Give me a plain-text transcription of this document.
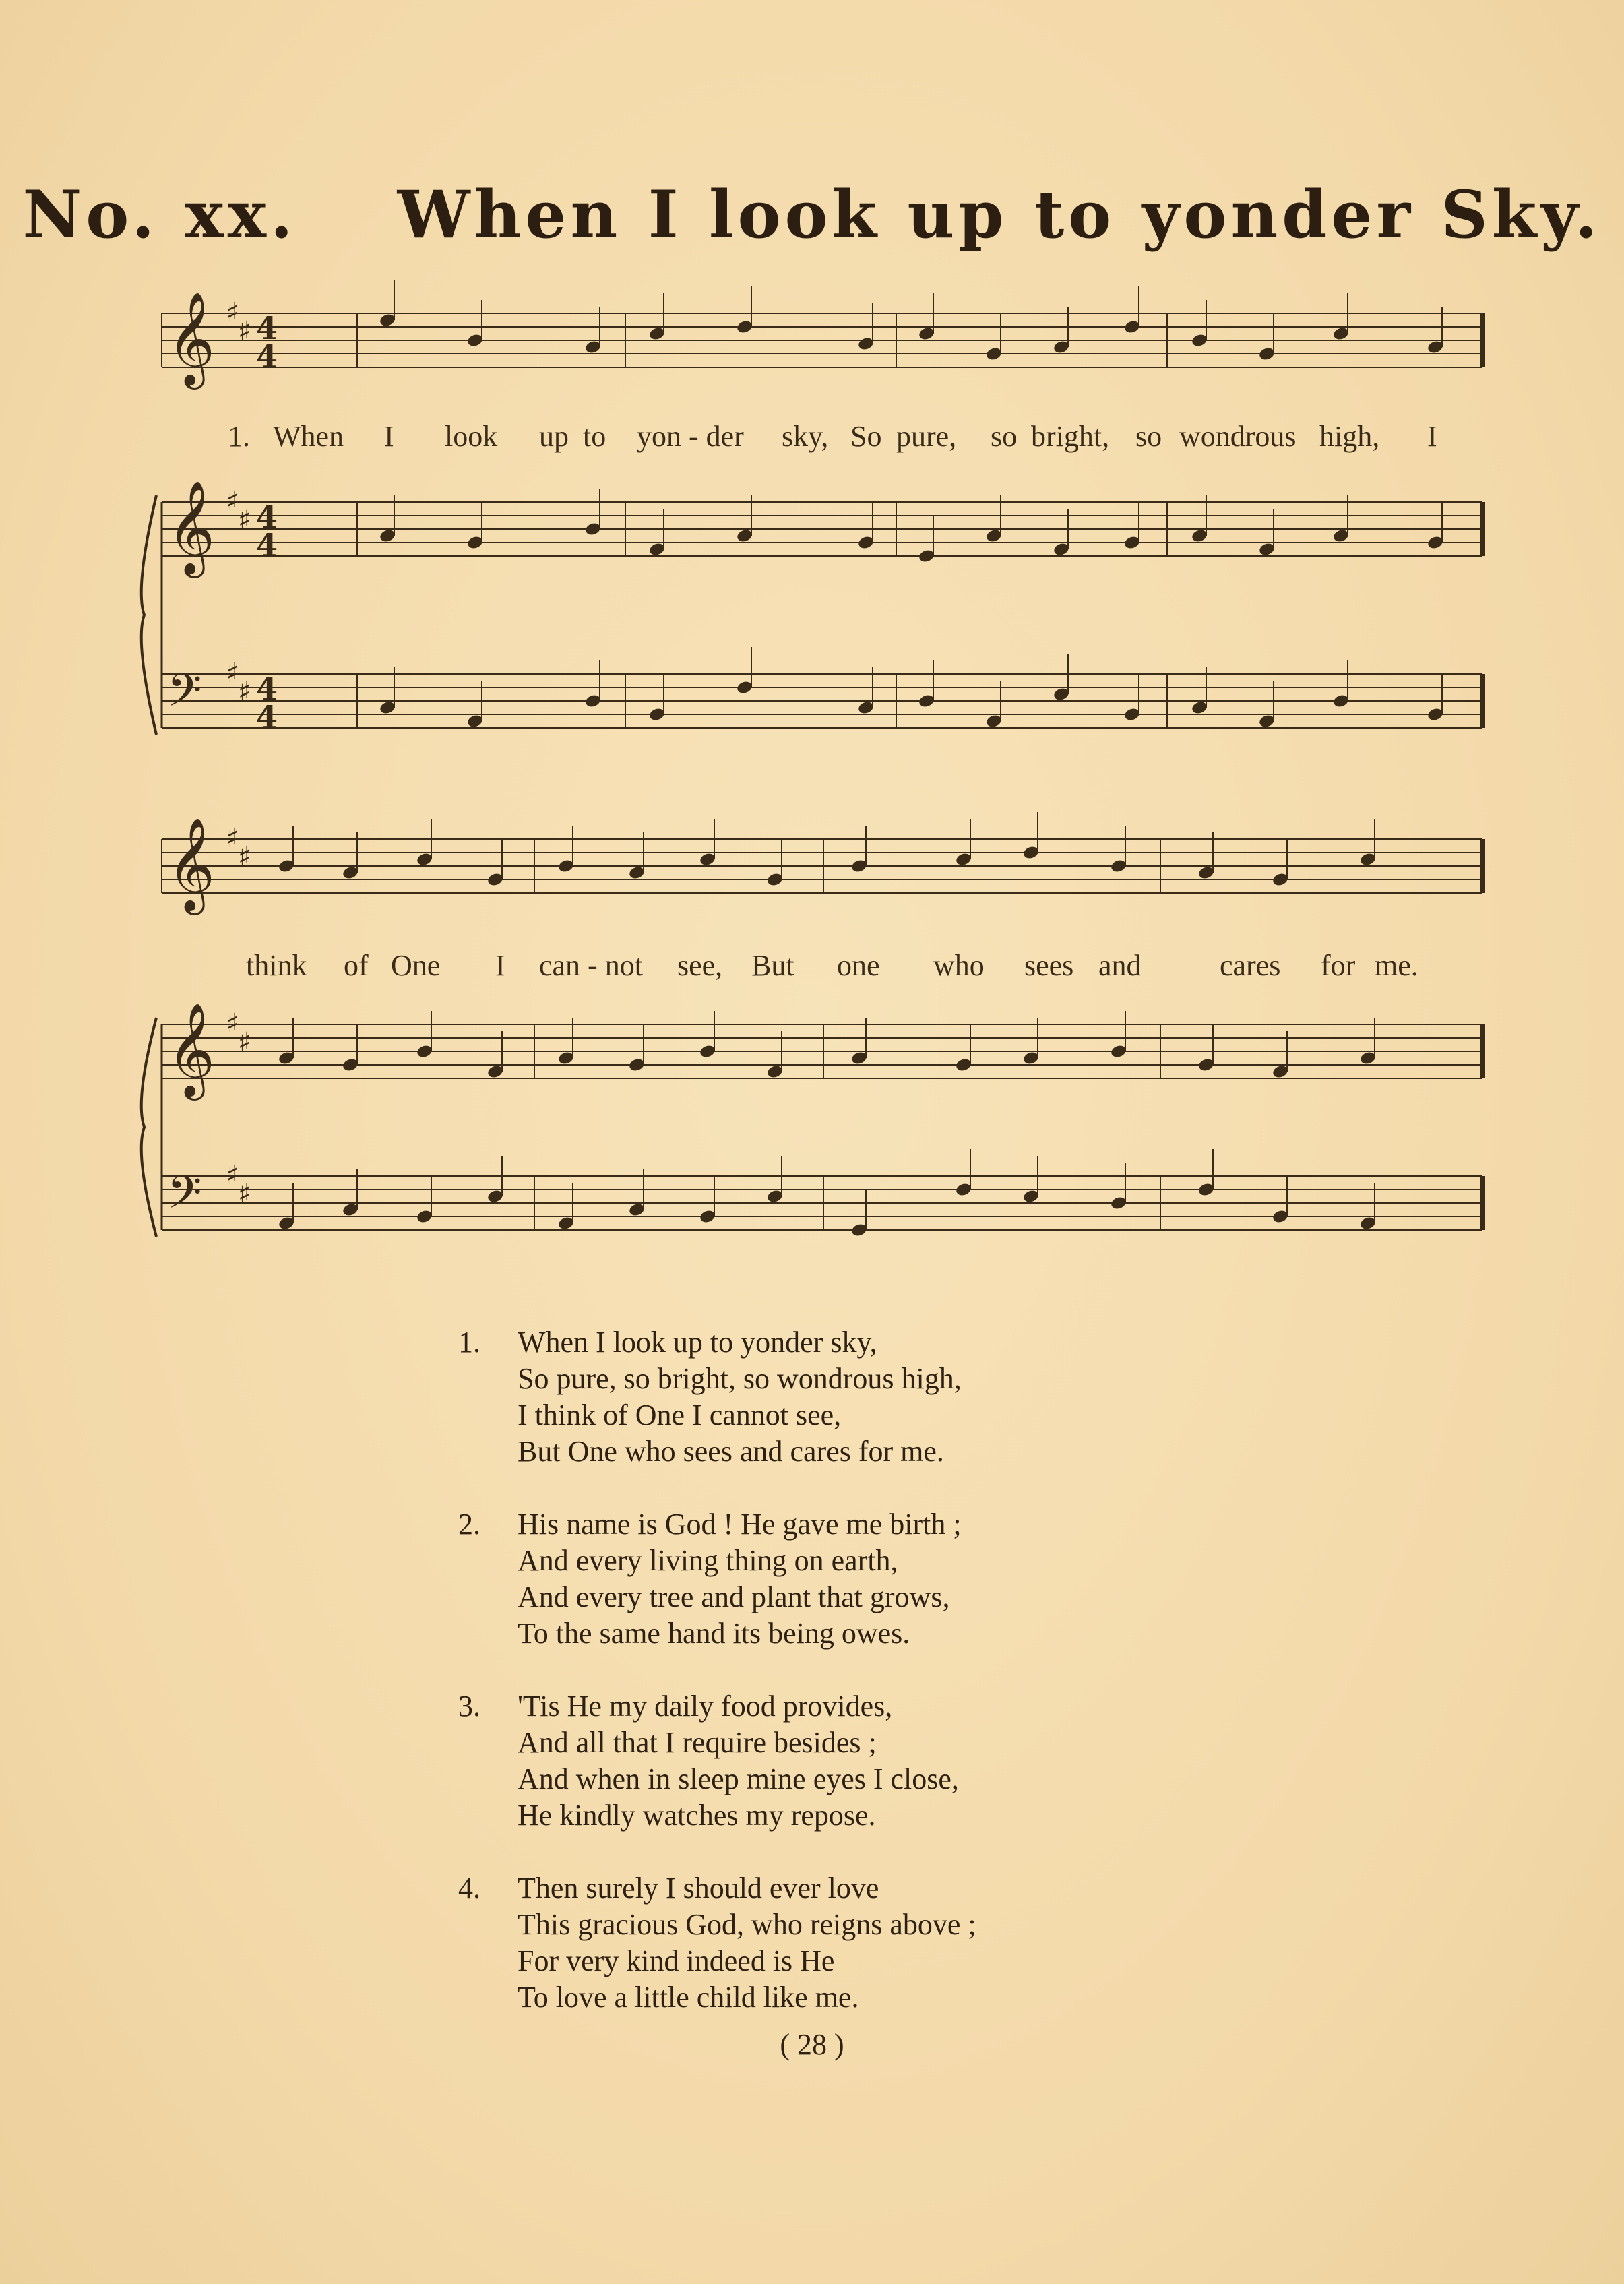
No. xx. When I look up to yonder Sky.
𝄞 ♯
♯ 4
4
𝄞 ♯
♯ 4
4
𝄢 ♯
♯ 4
4
𝄞 ♯
♯
𝄞 ♯
♯
𝄢 ♯
♯
1. When I look up to yon - der sky, So pure, so bright, so wondrous high, I
think of One I can - not see, But one who sees and	cares for me.
1. When I look up to yonder sky,
So pure, so bright, so wondrous high,
I think of One I cannot see,
But One who sees and cares for me.
2. His name is God ! He gave me birth ;
And every living thing on earth,
And every tree and plant that grows,
To the same hand its being owes.
3. 'Tis He my daily food provides,
And all that I require besides ;
And when in sleep mine eyes I close,
He kindly watches my repose.
4. Then surely I should ever love
This gracious God, who reigns above ;
For very kind indeed is He
To love a little child like me.
( 28 )
